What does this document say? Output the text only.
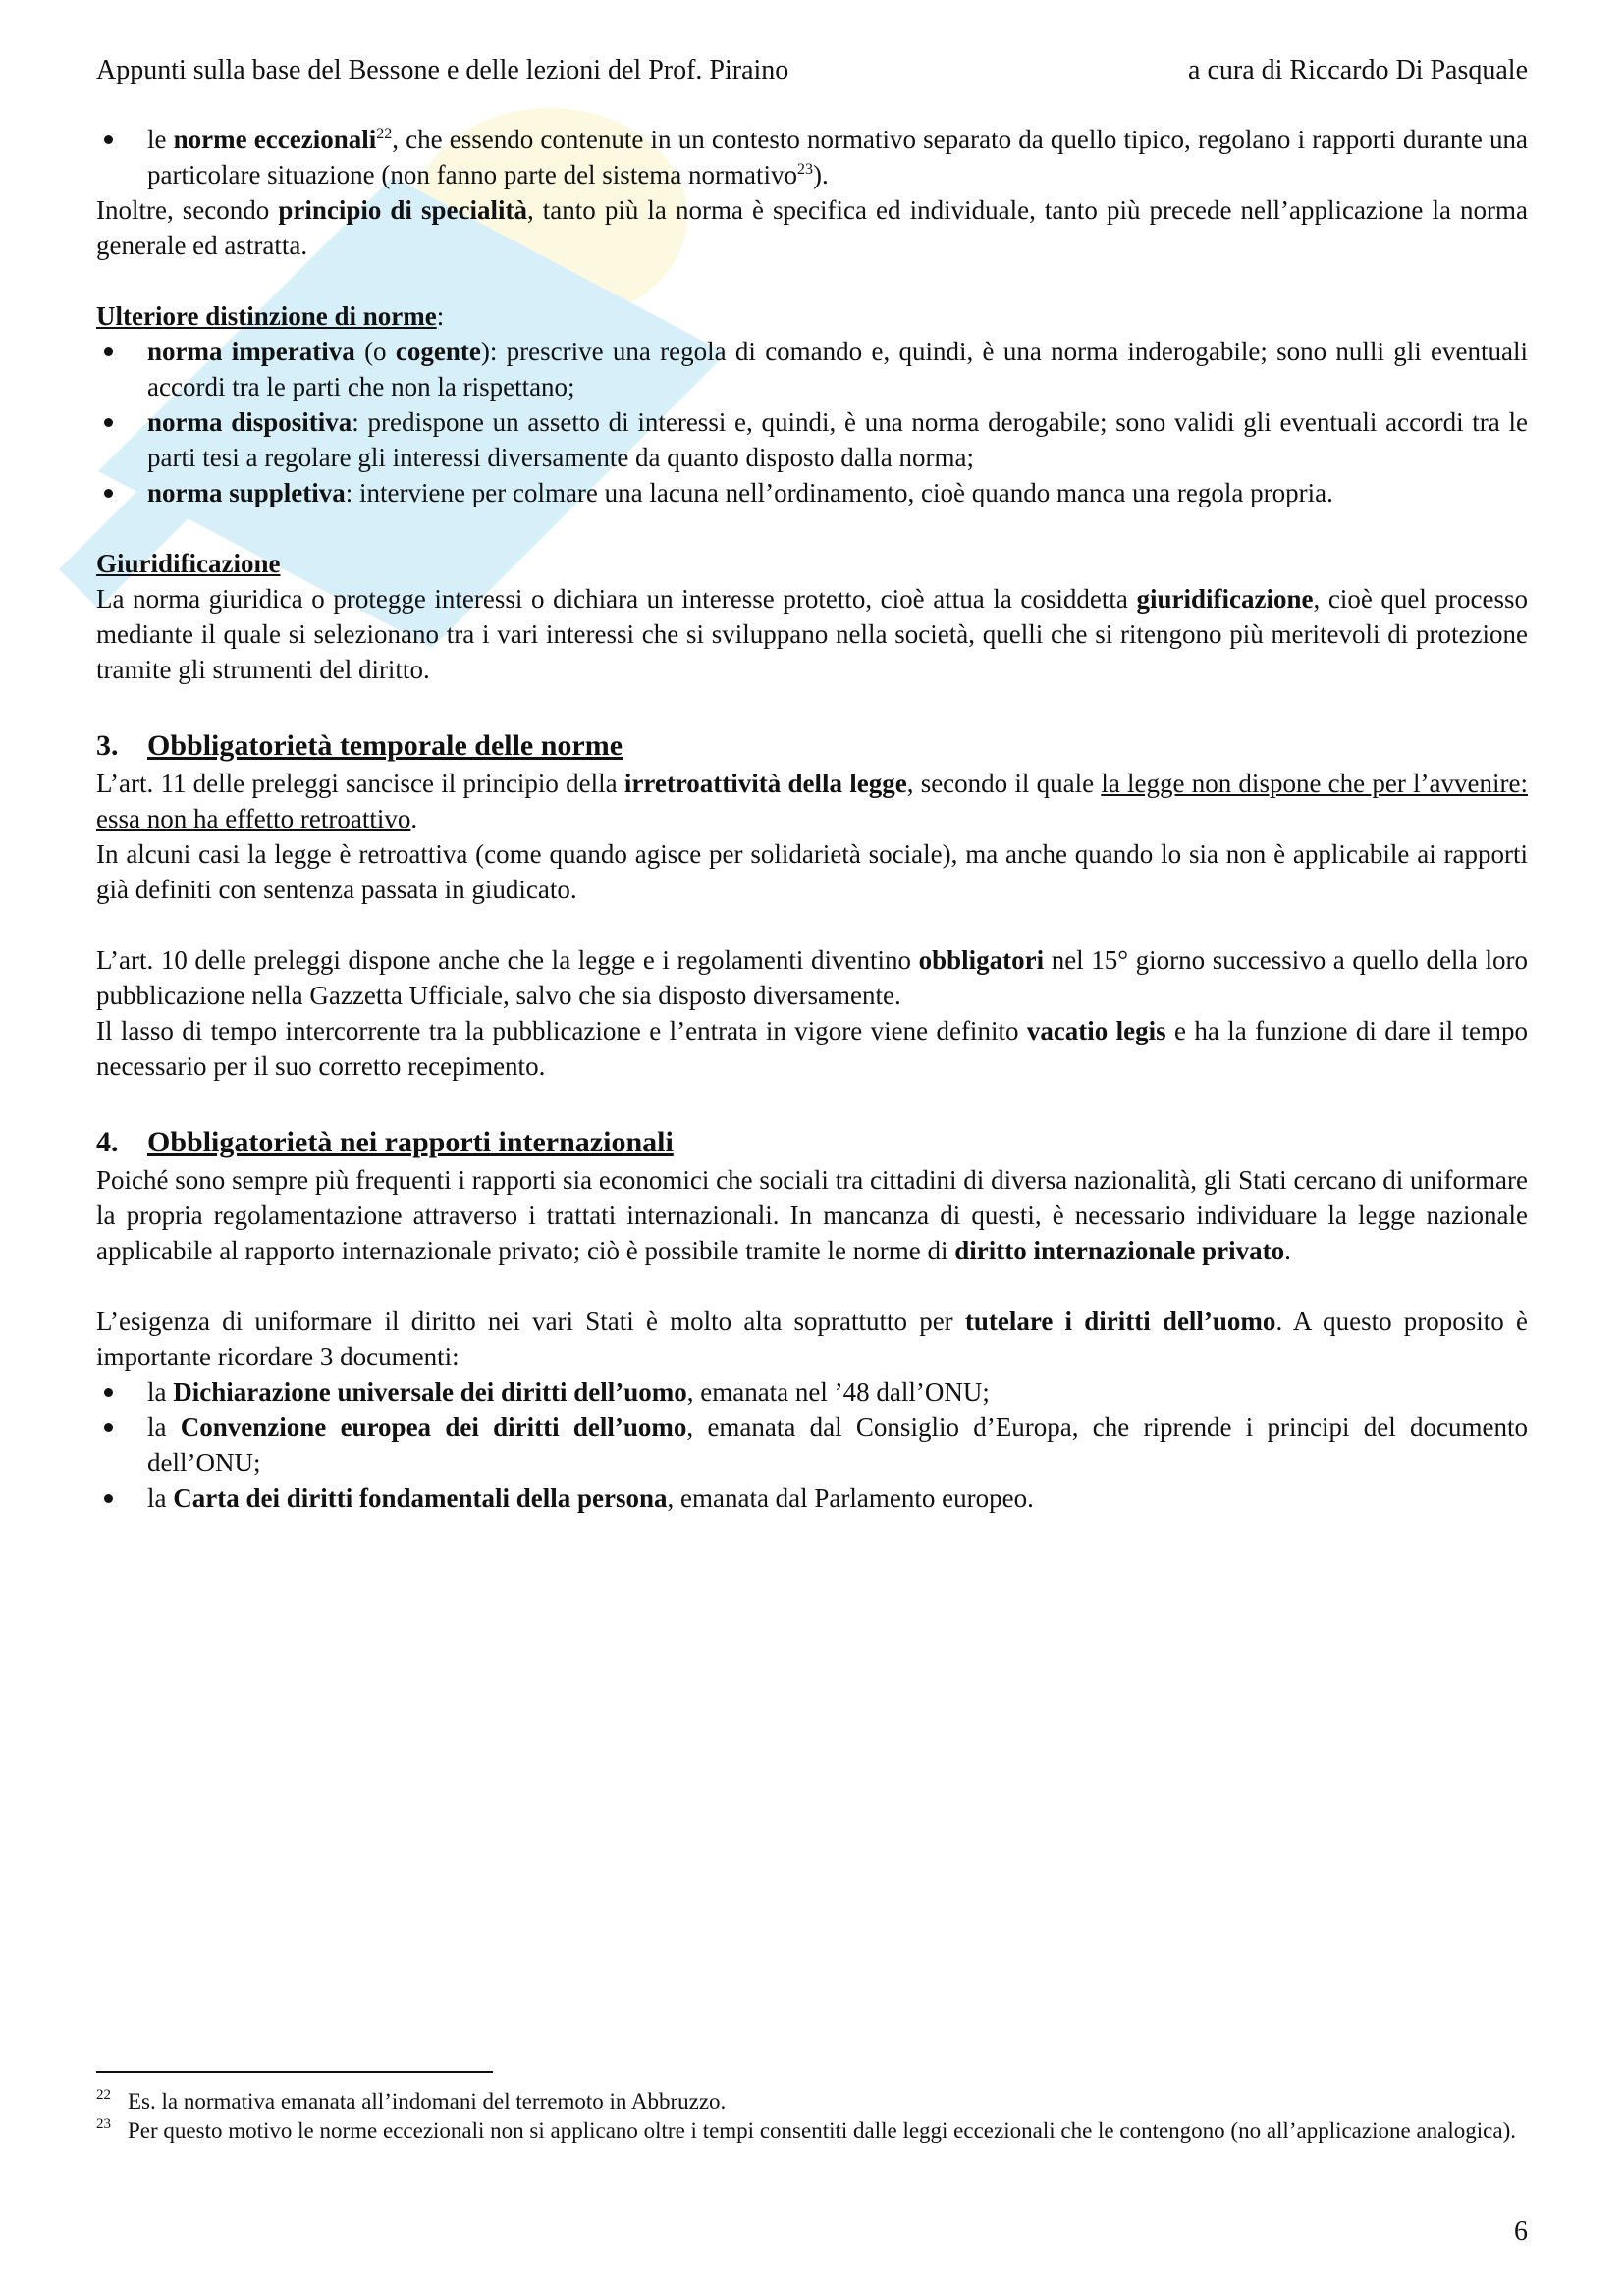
Appunti sulla base del Bessone e delle lezioni del Prof. Piraino	a cura di Riccardo Di Pasquale
le norme eccezionali$^{22}$, che essendo contenute in un contesto normativo separato da quello tipico, regolano i rapporti durante una particolare situazione (non fanno parte del sistema normativo$^{23}$).

Inoltre, secondo principio di specialità, tanto più la norma è specifica ed individuale, tanto più precede nell’applicazione la norma generale ed astratta.

Ulteriore distinzione di norme:

norma imperativa (o cogente): prescrive una regola di comando e, quindi, è una norma inderogabile; sono nulli gli eventuali accordi tra le parti che non la rispettano;
norma dispositiva: predispone un assetto di interessi e, quindi, è una norma derogabile; sono validi gli eventuali accordi tra le parti tesi a regolare gli interessi diversamente da quanto disposto dalla norma;
norma suppletiva: interviene per colmare una lacuna nell’ordinamento, cioè quando manca una regola propria.

Giuridificazione

La norma giuridica o protegge interessi o dichiara un interesse protetto, cioè attua la cosiddetta giuridificazione, cioè quel processo mediante il quale si selezionano tra i vari interessi che si sviluppano nella società, quelli che si ritengono più meritevoli di protezione tramite gli strumenti del diritto.

3. Obbligatorietà temporale delle norme

L’art. 11 delle preleggi sancisce il principio della irretroattività della legge, secondo il quale la legge non dispone che per l’avvenire: essa non ha effetto retroattivo.

In alcuni casi la legge è retroattiva (come quando agisce per solidarietà sociale), ma anche quando lo sia non è applicabile ai rapporti già definiti con sentenza passata in giudicato.

L’art. 10 delle preleggi dispone anche che la legge e i regolamenti diventino obbligatori nel 15° giorno successivo a quello della loro pubblicazione nella Gazzetta Ufficiale, salvo che sia disposto diversamente.

Il lasso di tempo intercorrente tra la pubblicazione e l’entrata in vigore viene definito vacatio legis e ha la funzione di dare il tempo necessario per il suo corretto recepimento.

4. Obbligatorietà nei rapporti internazionali

Poiché sono sempre più frequenti i rapporti sia economici che sociali tra cittadini di diversa nazionalità, gli Stati cercano di uniformare la propria regolamentazione attraverso i trattati internazionali. In mancanza di questi, è necessario individuare la legge nazionale applicabile al rapporto internazionale privato; ciò è possibile tramite le norme di diritto internazionale privato.

L’esigenza di uniformare il diritto nei vari Stati è molto alta soprattutto per tutelare i diritti dell’uomo. A questo proposito è importante ricordare 3 documenti:

la Dichiarazione universale dei diritti dell’uomo, emanata nel ’48 dall’ONU;
la Convenzione europea dei diritti dell’uomo, emanata dal Consiglio d’Europa, che riprende i principi del documento dell’ONU;
la Carta dei diritti fondamentali della persona, emanata dal Parlamento europeo.
22 Es. la normativa emanata all’indomani del terremoto in Abbruzzo.
23 Per questo motivo le norme eccezionali non si applicano oltre i tempi consentiti dalle leggi eccezionali che le contengono (no all’applicazione analogica).
6
